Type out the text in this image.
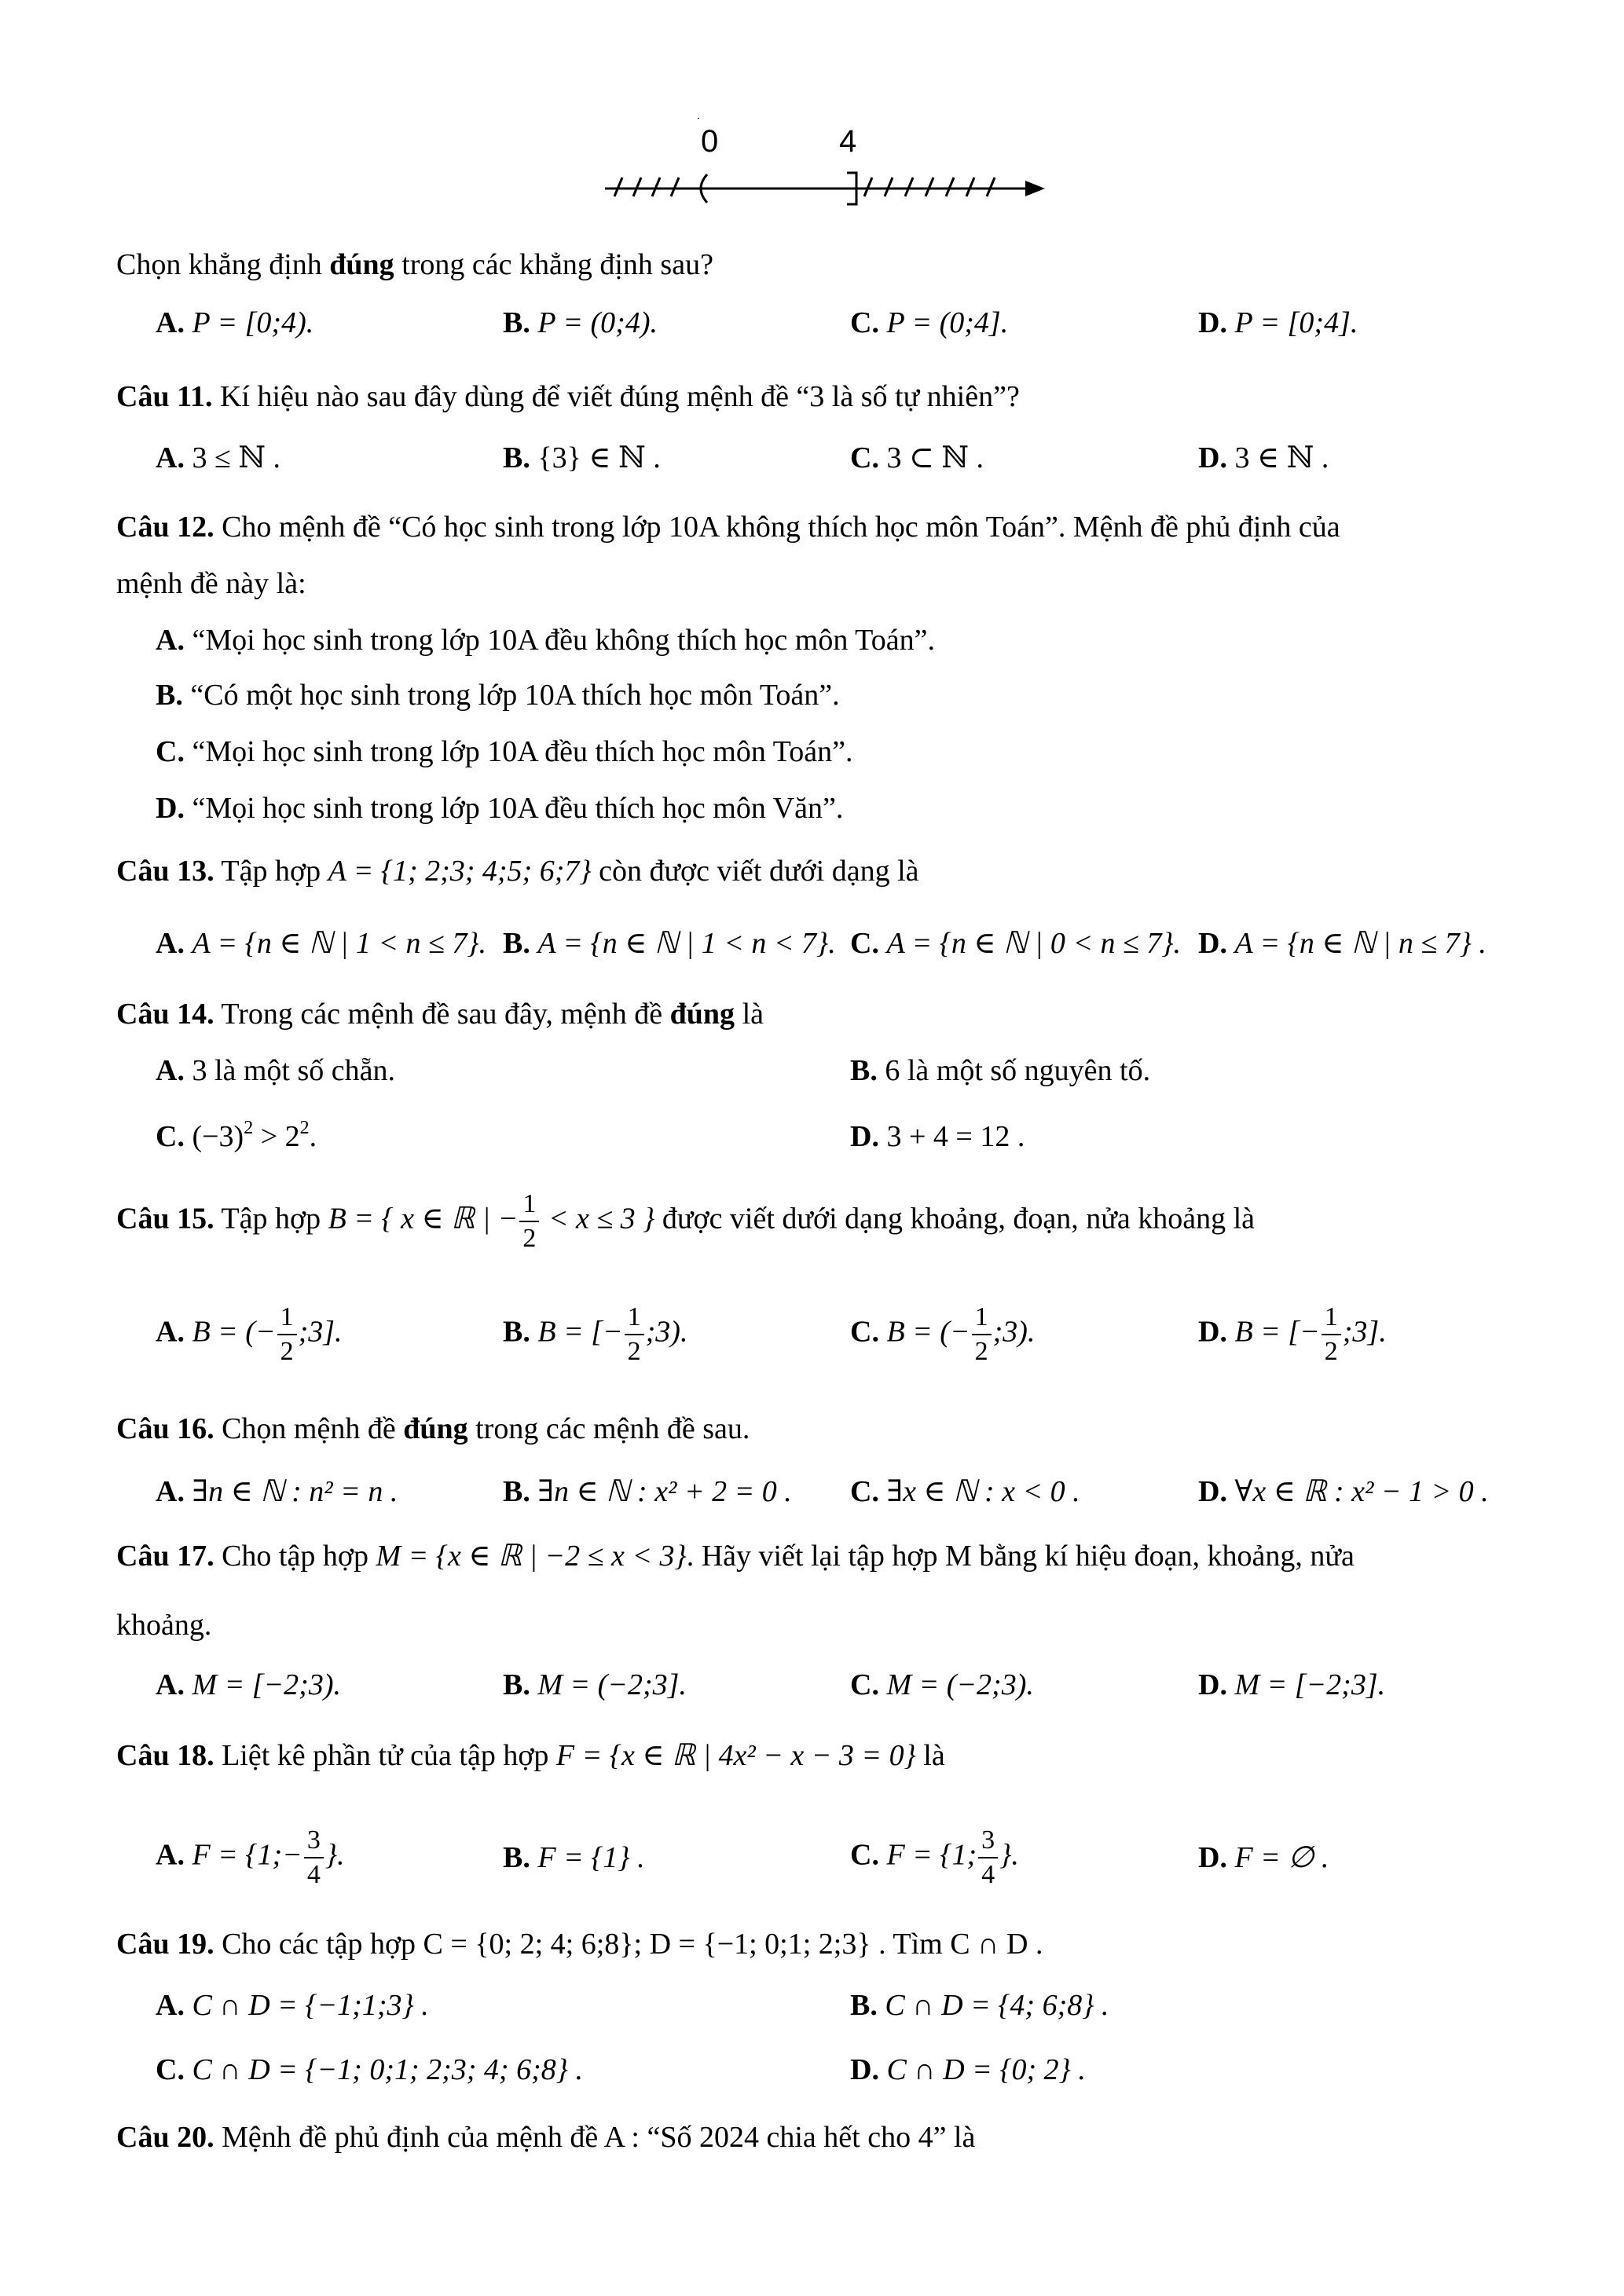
0	4
Chọn khẳng định đúng trong các khẳng định sau?
A. P = [0;4).	B. P = (0;4).	C. P = (0;4].	D. P = [0;4].
Câu 11. Kí hiệu nào sau đây dùng để viết đúng mệnh đề “3 là số tự nhiên”?
A. 3 ≤ ℕ .	B. {3} ∈ ℕ .	C. 3 ⊂ ℕ .	D. 3 ∈ ℕ .
Câu 12. Cho mệnh đề “Có học sinh trong lớp 10A không thích học môn Toán”. Mệnh đề phủ định của
mệnh đề này là:
A. “Mọi học sinh trong lớp 10A đều không thích học môn Toán”.
B. “Có một học sinh trong lớp 10A thích học môn Toán”.
C. “Mọi học sinh trong lớp 10A đều thích học môn Toán”.
D. “Mọi học sinh trong lớp 10A đều thích học môn Văn”.
Câu 13. Tập hợp A = {1; 2;3; 4;5; 6;7} còn được viết dưới dạng là
A. A = {n ∈ ℕ | 1 < n ≤ 7}. B. A = {n ∈ ℕ | 1 < n < 7}. C. A = {n ∈ ℕ | 0 < n ≤ 7}. D. A = {n ∈ ℕ | n ≤ 7} .
Câu 14. Trong các mệnh đề sau đây, mệnh đề đúng là
A. 3 là một số chẵn.	B. 6 là một số nguyên tố.
C. $(-3)^2 > 2^2$.	D. 3 + 4 = 12 .
Câu 15. Tập hợp B = { x ∈ ℝ | − $\frac{1}{2} < x \le 3$ } được viết dưới dạng khoảng, đoạn, nửa khoảng là
A. B = (− $\frac{1}{2}$ ;3].	B. B = [− $\frac{1}{2}$ ;3).	C. B = (− $\frac{1}{2}$ ;3).	D. B = [− $\frac{1}{2}$ ;3].
Câu 16. Chọn mệnh đề đúng trong các mệnh đề sau.
A. ∃n ∈ ℕ : n² = n .	B. ∃n ∈ ℕ : x² + 2 = 0 . C. ∃x ∈ ℕ : x < 0 .	D. ∀x ∈ ℝ : x² − 1 > 0 .
Câu 17. Cho tập hợp M = {x ∈ ℝ | −2 ≤ x < 3}. Hãy viết lại tập hợp M bằng kí hiệu đoạn, khoảng, nửa
khoảng.
A. M = [−2;3).	B. M = (−2;3].	C. M = (−2;3).	D. M = [−2;3].
Câu 18. Liệt kê phần tử của tập hợp F = {x ∈ ℝ | 4x² − x − 3 = 0} là
A. F = {1;− $\frac{3}{4}$ }.	B. F = {1} .	C. F = {1; $\frac{3}{4}$ }.	D. F = ∅ .
Câu 19. Cho các tập hợp C = {0; 2; 4; 6;8}; D = {−1; 0;1; 2;3} . Tìm C ∩ D .
A. C ∩ D = {−1;1;3} .	B. C ∩ D = {4; 6;8} .
C. C ∩ D = {−1; 0;1; 2;3; 4; 6;8} .	D. C ∩ D = {0; 2} .
Câu 20. Mệnh đề phủ định của mệnh đề A : “Số 2024 chia hết cho 4” là
